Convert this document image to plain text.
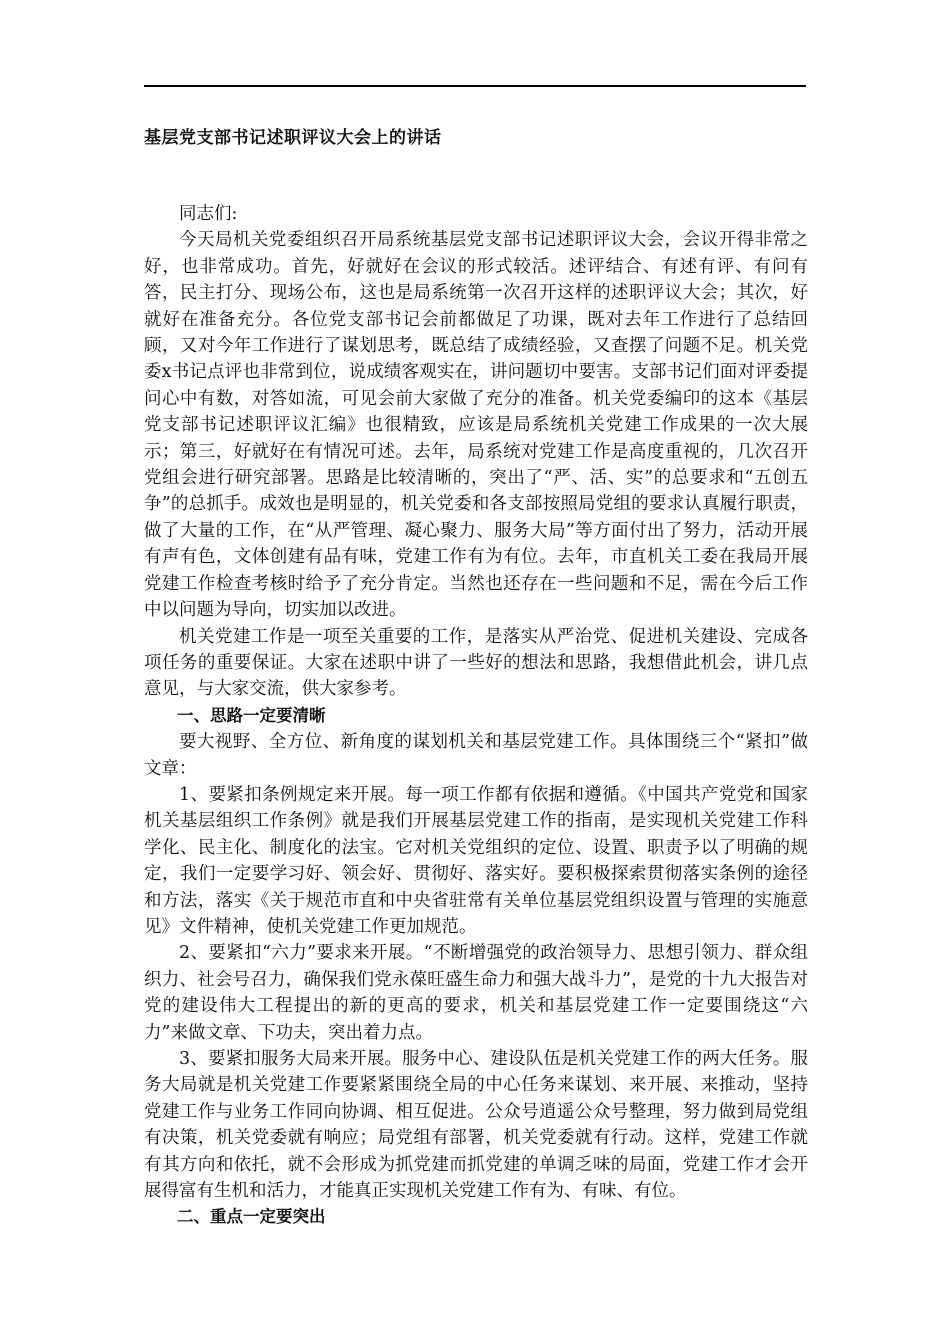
基层党支部书记述职评议大会上的讲话

同志们:

今天局机关党委组织召开局系统基层党支部书记述职评议大会，会议开得非常之好，也非常成功。首先，好就好在会议的形式较活。述评结合、有述有评、有问有答，民主打分、现场公布，这也是局系统第一次召开这样的述职评议大会；其次，好就好在准备充分。各位党支部书记会前都做足了功课，既对去年工作进行了总结回顾，又对今年工作进行了谋划思考，既总结了成绩经验，又查摆了问题不足。机关党委x书记点评也非常到位，说成绩客观实在，讲问题切中要害。支部书记们面对评委提问心中有数，对答如流，可见会前大家做了充分的准备。机关党委编印的这本《基层党支部书记述职评议汇编》也很精致，应该是局系统机关党建工作成果的一次大展示；第三，好就好在有情况可述。去年，局系统对党建工作是高度重视的，几次召开党组会进行研究部署。思路是比较清晰的，突出了“严、活、实”的总要求和“五创五争”的总抓手。成效也是明显的，机关党委和各支部按照局党组的要求认真履行职责，做了大量的工作，在“从严管理、凝心聚力、服务大局”等方面付出了努力，活动开展有声有色，文体创建有品有味，党建工作有为有位。去年，市直机关工委在我局开展党建工作检查考核时给予了充分肯定。当然也还存在一些问题和不足，需在今后工作中以问题为导向，切实加以改进。

机关党建工作是一项至关重要的工作，是落实从严治党、促进机关建设、完成各项任务的重要保证。大家在述职中讲了一些好的想法和思路，我想借此机会，讲几点意见，与大家交流，供大家参考。

一、思路一定要清晰

要大视野、全方位、新角度的谋划机关和基层党建工作。具体围绕三个“紧扣”做文章：

1、要紧扣条例规定来开展。每一项工作都有依据和遵循。《中国共产党党和国家机关基层组织工作条例》就是我们开展基层党建工作的指南，是实现机关党建工作科学化、民主化、制度化的法宝。它对机关党组织的定位、设置、职责予以了明确的规定，我们一定要学习好、领会好、贯彻好、落实好。要积极探索贯彻落实条例的途径和方法，落实《关于规范市直和中央省驻常有关单位基层党组织设置与管理的实施意见》文件精神，使机关党建工作更加规范。

2、要紧扣“六力”要求来开展。“不断增强党的政治领导力、思想引领力、群众组织力、社会号召力，确保我们党永葆旺盛生命力和强大战斗力”，是党的十九大报告对党的建设伟大工程提出的新的更高的要求，机关和基层党建工作一定要围绕这“六力”来做文章、下功夫，突出着力点。

3、要紧扣服务大局来开展。服务中心、建设队伍是机关党建工作的两大任务。服务大局就是机关党建工作要紧紧围绕全局的中心任务来谋划、来开展、来推动，坚持党建工作与业务工作同向协调、相互促进。公众号逍遥公众号整理，努力做到局党组有决策，机关党委就有响应；局党组有部署，机关党委就有行动。这样，党建工作就有其方向和依托，就不会形成为抓党建而抓党建的单调乏味的局面，党建工作才会开展得富有生机和活力，才能真正实现机关党建工作有为、有味、有位。

二、重点一定要突出
